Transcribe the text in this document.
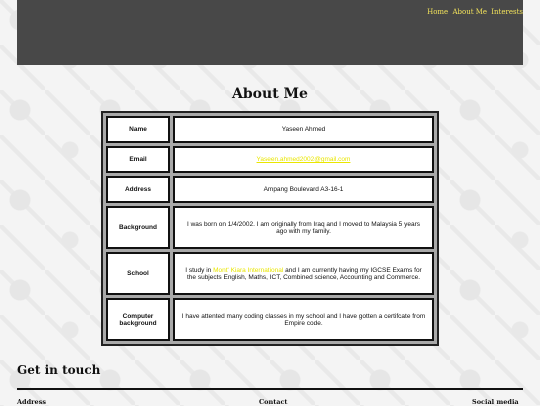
Home About Me Interests
About Me
Name	Yaseen Ahmed
Email	Yaseen.ahmed2002@gmail.com
Address	Ampang Boulevard A3-16-1
Background	I was born on 1/4/2002. I am originally from Iraq and I moved to Malaysia 5 years ago with my family.
School	I study in Mont' Kiara International and I am currently having my IGCSE Exams for the subjects English, Maths, ICT, Combined science, Accounting and Commerce.
Computer background	I have attented many coding classes in my school and I have gotten a certifcate from Empire code.
Get in touch
Address	Contact	Social media
